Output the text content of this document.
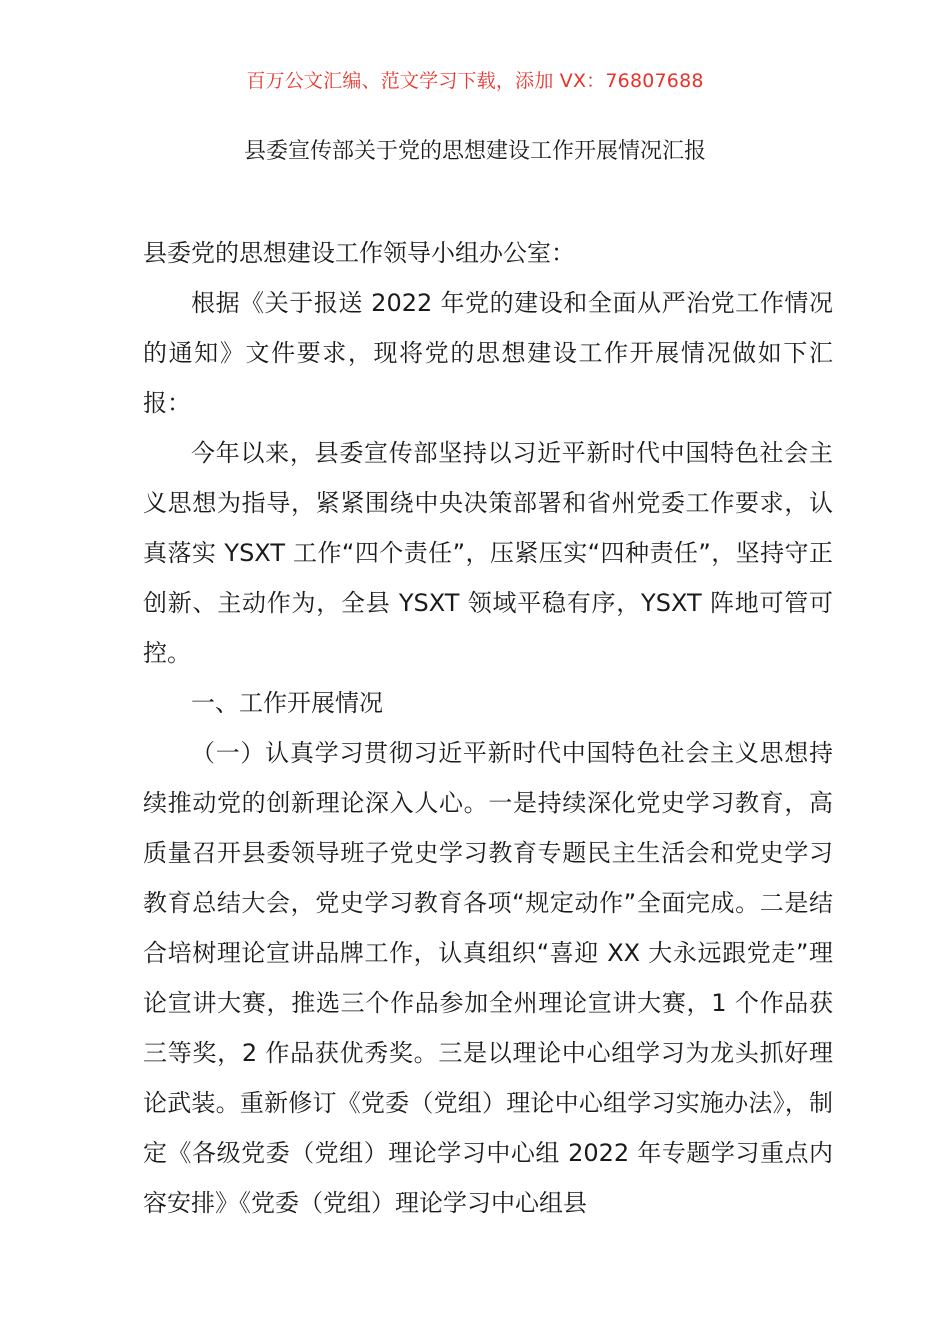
百万公文汇编、范文学习下载，添加 VX：76807688
县委宣传部关于党的思想建设工作开展情况汇报

县委党的思想建设工作领导小组办公室：

根据《关于报送 2022 年党的建设和全面从严治党工作情况的通知》文件要求，现将党的思想建设工作开展情况做如下汇报：

今年以来，县委宣传部坚持以习近平新时代中国特色社会主义思想为指导，紧紧围绕中央决策部署和省州党委工作要求，认真落实 YSXT 工作“四个责任”，压紧压实“四种责任”，坚持守正创新、主动作为，全县 YSXT 领域平稳有序，YSXT 阵地可管可控。

一、工作开展情况

（一）认真学习贯彻习近平新时代中国特色社会主义思想持续推动党的创新理论深入人心。一是持续深化党史学习教育，高质量召开县委领导班子党史学习教育专题民主生活会和党史学习教育总结大会，党史学习教育各项“规定动作”全面完成。二是结合培树理论宣讲品牌工作，认真组织“喜迎 XX 大永远跟党走”理论宣讲大赛，推选三个作品参加全州理论宣讲大赛，1 个作品获三等奖，2 作品获优秀奖。三是以理论中心组学习为龙头抓好理论武装。重新修订《党委（党组）理论中心组学习实施办法》，制定《各级党委（党组）理论学习中心组 2022 年专题学习重点内容安排》《党委（党组）理论学习中心组县
